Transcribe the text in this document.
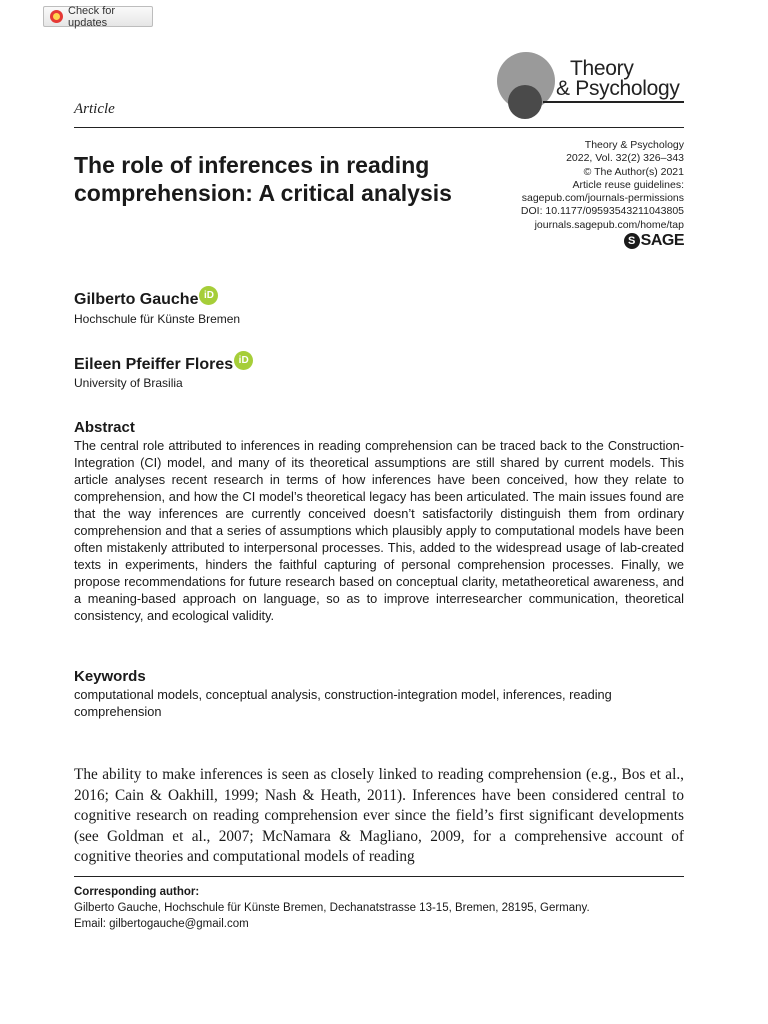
Check for updates
Theory
& Psychology
Article
The role of inferences in reading comprehension: A critical analysis
Theory & Psychology
2022, Vol. 32(2) 326–343
© The Author(s) 2021
Article reuse guidelines:
sagepub.com/journals-permissions
DOI: 10.1177/09593543211043805
journals.sagepub.com/home/tap
S SAGE
Gilberto Gauche iD
Hochschule für Künste Bremen
Eileen Pfeiffer Flores iD
University of Brasilia
Abstract

The central role attributed to inferences in reading comprehension can be traced back to the Construction-Integration (CI) model, and many of its theoretical assumptions are still shared by current models. This article analyses recent research in terms of how inferences have been conceived, how they relate to comprehension, and how the CI model’s theoretical legacy has been articulated. The main issues found are that the way inferences are currently conceived doesn’t satisfactorily distinguish them from ordinary comprehension and that a series of assumptions which plausibly apply to computational models have been often mistakenly attributed to interpersonal processes. This, added to the widespread usage of lab-created texts in experiments, hinders the faithful capturing of personal comprehension processes. Finally, we propose recommendations for future research based on conceptual clarity, metatheoretical awareness, and a meaning-based approach on language, so as to improve interresearcher communication, theoretical consistency, and ecological validity.

Keywords

computational models, conceptual analysis, construction-integration model, inferences, reading comprehension

The ability to make inferences is seen as closely linked to reading comprehension (e.g., Bos et al., 2016; Cain & Oakhill, 1999; Nash & Heath, 2011). Inferences have been considered central to cognitive research on reading comprehension ever since the field’s first significant developments (see Goldman et al., 2007; McNamara & Magliano, 2009, for a comprehensive account of cognitive theories and computational models of reading

Corresponding author:
Gilberto Gauche, Hochschule für Künste Bremen, Dechanatstrasse 13-15, Bremen, 28195, Germany.
Email: gilbertogauche@gmail.com
